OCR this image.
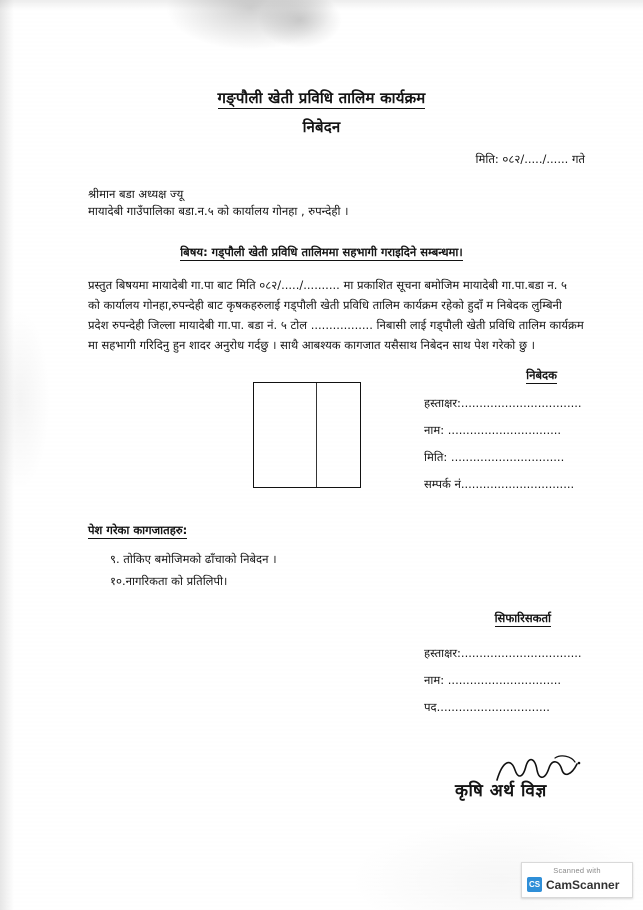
गङ्पौली खेती प्रविधि तालिम कार्यक्रम
निबेदन
मिति: ०८२/...../...... गते
श्रीमान बडा अध्यक्ष ज्यू
मायादेबी गाउँपालिका बडा.न.५ को कार्यालय गोनहा , रुपन्देही ।
बिषय: गड्पौली खेती प्रविधि तालिममा सहभागी गराइदिने सम्बन्धमा।
प्रस्तुत बिषयमा मायादेबी गा.पा बाट मिति ०८२/...../.......... मा प्रकाशित सूचना बमोजिम मायादेबी गा.पा.बडा न. ५
को कार्यालय गोनहा,रुपन्देही बाट कृषकहरुलाई गड्पौली खेती प्रविधि तालिम कार्यक्रम रहेको हुदाँ म निबेदक लुम्बिनी
प्रदेश रुपन्देही जिल्ला मायादेबी गा.पा. बडा नं. ५ टोल ................. निबासी लाई गड्पौली खेती प्रविधि तालिम कार्यक्रम
मा सहभागी गरिदिनु हुन शादर अनुरोध गर्दछु । साथै आबश्यक कागजात यसैसाथ निबेदन साथ पेश गरेको छु ।
निबेदक
हस्ताक्षर:.................................
नाम: ...............................
मिति: ...............................
सम्पर्क नं...............................
पेश गरेका कागजातहरु:
९. तोकिए बमोजिमको ढाँचाको निबेदन ।
१०.नागरिकता को प्रतिलिपी।
सिफारिसकर्ता
हस्ताक्षर:.................................
नाम: ...............................
पद...............................
कृषि अर्थ विज्ञ
Scanned with
CS CamScanner
